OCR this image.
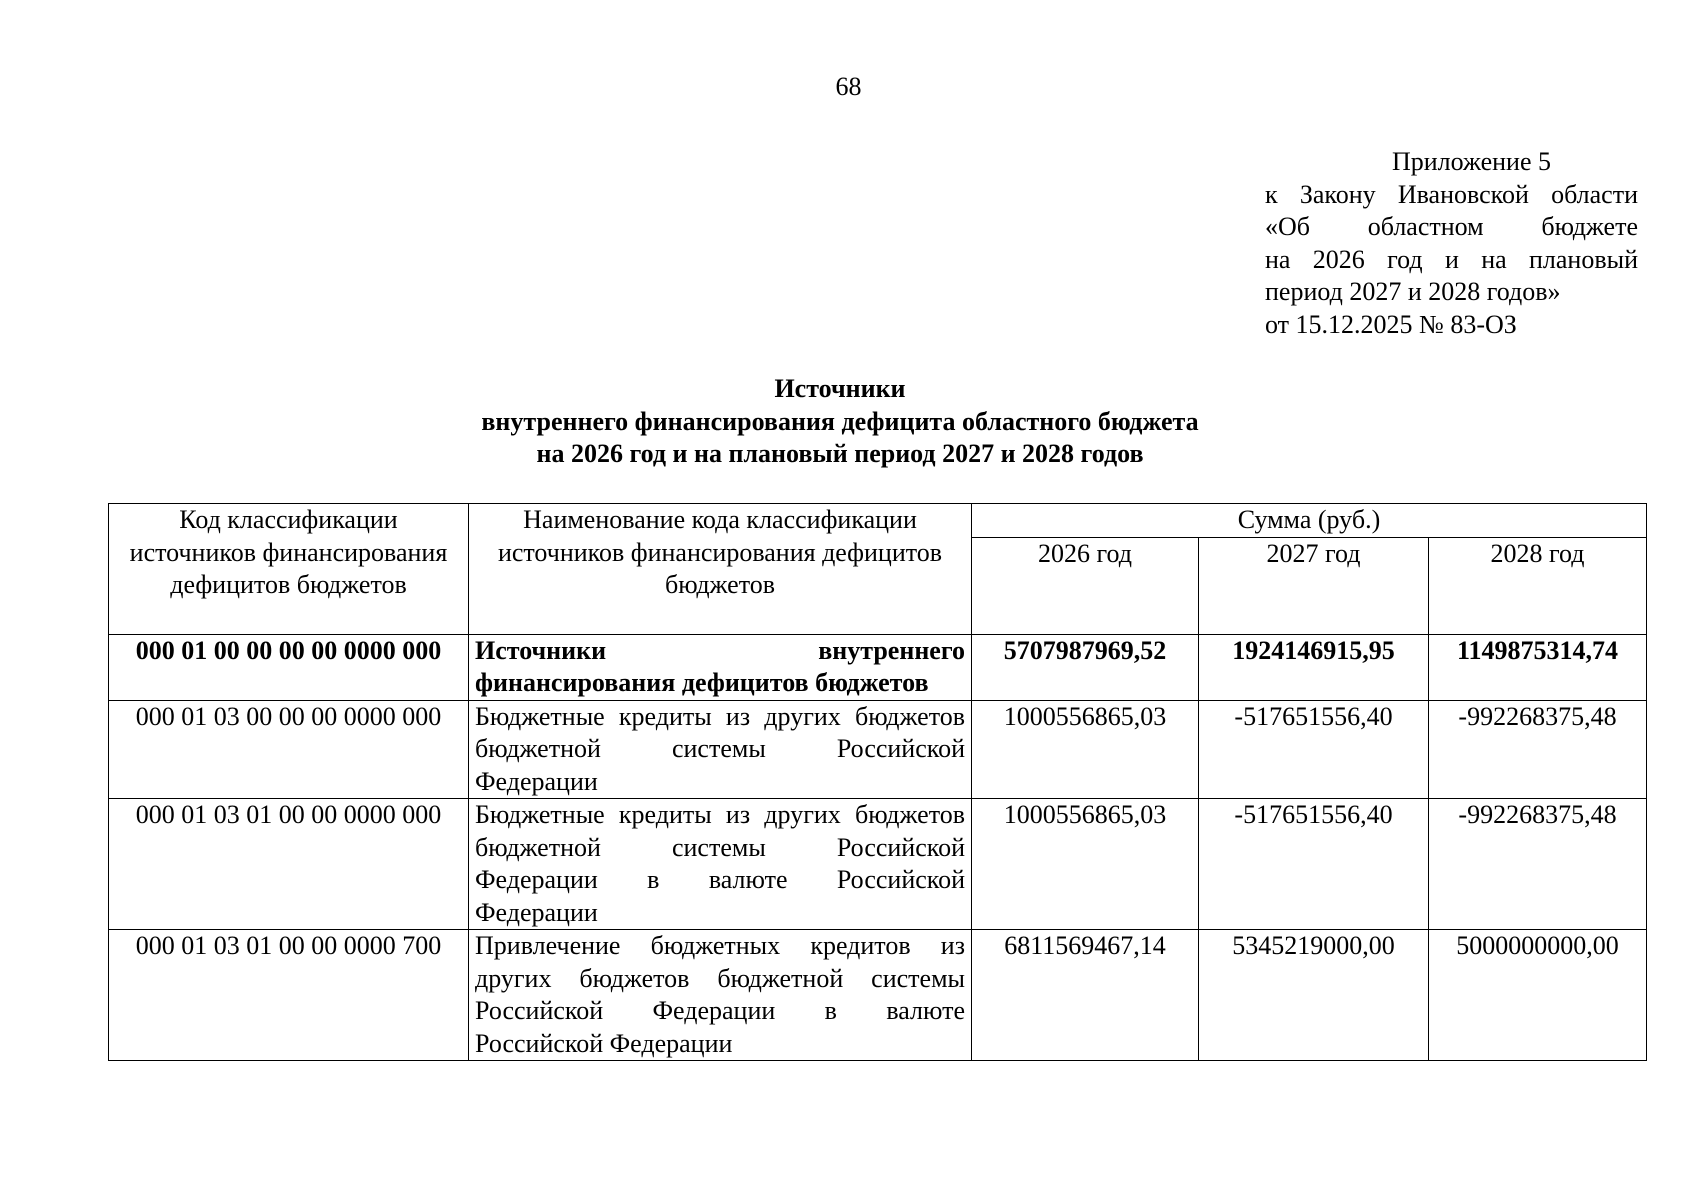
68
Приложение 5
к Закону Ивановской области
«Об областном бюджете
на 2026 год и на плановый
период 2027 и 2028 годов»
от 15.12.2025 № 83-ОЗ
Источники
внутреннего финансирования дефицита областного бюджета
на 2026 год и на плановый период 2027 и 2028 годов
Код классификации источников финансирования дефицитов бюджетов	Наименование кода классификации источников финансирования дефицитов бюджетов	Сумма (руб.)		
		2026 год	2027 год	2028 год
000 01 00 00 00 00 0000 000	Источники внутреннего финансирования дефицитов бюджетов	5707987969,52	1924146915,95	1149875314,74
000 01 03 00 00 00 0000 000	Бюджетные кредиты из других бюджетов бюджетной системы Российской Федерации	1000556865,03	-517651556,40	-992268375,48
000 01 03 01 00 00 0000 000	Бюджетные кредиты из других бюджетов бюджетной системы Российской Федерации в валюте Российской Федерации	1000556865,03	-517651556,40	-992268375,48
000 01 03 01 00 00 0000 700	Привлечение бюджетных кредитов из других бюджетов бюджетной системы Российской Федерации в валюте Российской Федерации	6811569467,14	5345219000,00	5000000000,00
